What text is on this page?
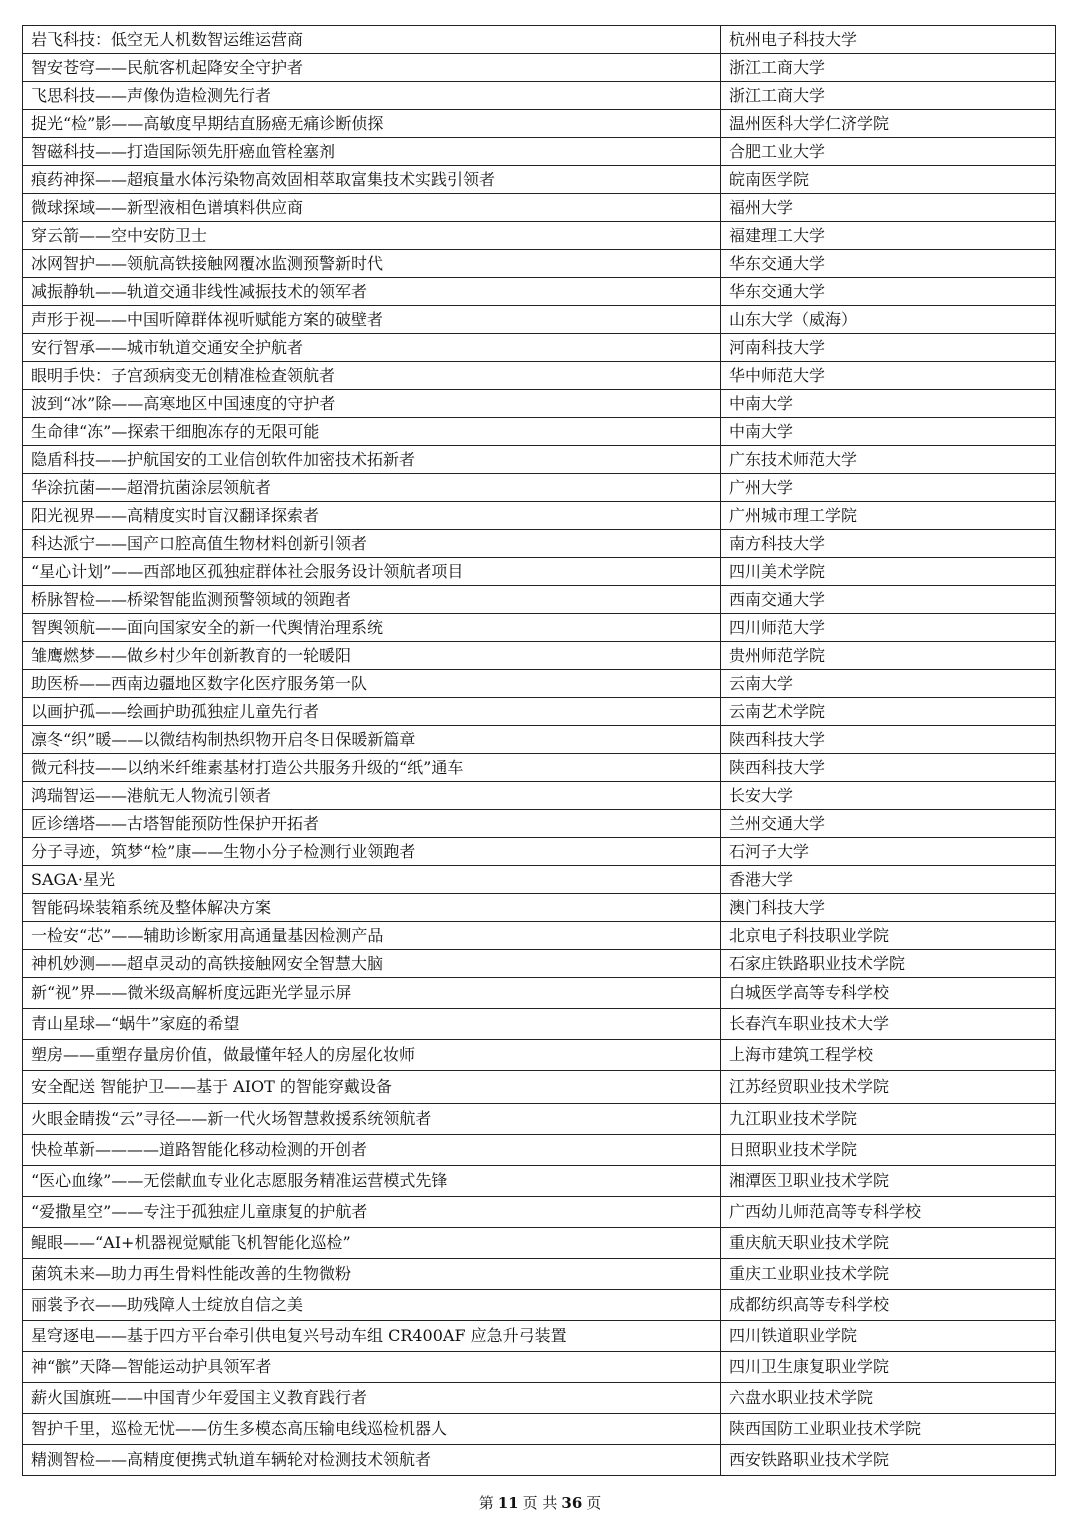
岩飞科技：低空无人机数智运维运营商	杭州电子科技大学
智安苍穹——民航客机起降安全守护者	浙江工商大学
飞思科技——声像伪造检测先行者	浙江工商大学
捉光“检”影——高敏度早期结直肠癌无痛诊断侦探	温州医科大学仁济学院
智磁科技——打造国际领先肝癌血管栓塞剂	合肥工业大学
痕药神探——超痕量水体污染物高效固相萃取富集技术实践引领者	皖南医学院
微球探域——新型液相色谱填料供应商	福州大学
穿云箭——空中安防卫士	福建理工大学
冰网智护——领航高铁接触网覆冰监测预警新时代	华东交通大学
减振静轨——轨道交通非线性减振技术的领军者	华东交通大学
声形于视——中国听障群体视听赋能方案的破壁者	山东大学（威海）
安行智承——城市轨道交通安全护航者	河南科技大学
眼明手快：子宫颈病变无创精准检查领航者	华中师范大学
波到“冰”除——高寒地区中国速度的守护者	中南大学
生命律“冻”—探索干细胞冻存的无限可能	中南大学
隐盾科技——护航国安的工业信创软件加密技术拓新者	广东技术师范大学
华涂抗菌——超滑抗菌涂层领航者	广州大学
阳光视界——高精度实时盲汉翻译探索者	广州城市理工学院
科达派宁——国产口腔高值生物材料创新引领者	南方科技大学
“星心计划”——西部地区孤独症群体社会服务设计领航者项目	四川美术学院
桥脉智检——桥梁智能监测预警领域的领跑者	西南交通大学
智舆领航——面向国家安全的新一代舆情治理系统	四川师范大学
雏鹰燃梦——做乡村少年创新教育的一轮暖阳	贵州师范学院
助医桥——西南边疆地区数字化医疗服务第一队	云南大学
以画护孤——绘画护助孤独症儿童先行者	云南艺术学院
凛冬“织”暖——以微结构制热织物开启冬日保暖新篇章	陕西科技大学
微元科技——以纳米纤维素基材打造公共服务升级的“纸”通车	陕西科技大学
鸿瑞智运——港航无人物流引领者	长安大学
匠诊缮塔——古塔智能预防性保护开拓者	兰州交通大学
分子寻迹，筑梦“检”康——生物小分子检测行业领跑者	石河子大学
SAGA·星光	香港大学
智能码垛装箱系统及整体解决方案	澳门科技大学
一检安“芯”——辅助诊断家用高通量基因检测产品	北京电子科技职业学院
神机妙测——超卓灵动的高铁接触网安全智慧大脑	石家庄铁路职业技术学院
新“视”界——微米级高解析度远距光学显示屏	白城医学高等专科学校
青山星球—“蜗牛”家庭的希望	长春汽车职业技术大学
塑房——重塑存量房价值，做最懂年轻人的房屋化妆师	上海市建筑工程学校
安全配送 智能护卫——基于 AIOT 的智能穿戴设备	江苏经贸职业技术学院
火眼金睛拨“云”寻径——新一代火场智慧救援系统领航者	九江职业技术学院
快检革新————道路智能化移动检测的开创者	日照职业技术学院
“医心血缘”——无偿献血专业化志愿服务精准运营模式先锋	湘潭医卫职业技术学院
“爱撒星空”——专注于孤独症儿童康复的护航者	广西幼儿师范高等专科学校
鲲眼——“AI+机器视觉赋能飞机智能化巡检”	重庆航天职业技术学院
菌筑未来—助力再生骨料性能改善的生物微粉	重庆工业职业技术学院
丽裳予衣——助残障人士绽放自信之美	成都纺织高等专科学校
星穹逐电——基于四方平台牵引供电复兴号动车组 CR400AF 应急升弓装置	四川铁道职业学院
神“髌”天降—智能运动护具领军者	四川卫生康复职业学院
薪火国旗班——中国青少年爱国主义教育践行者	六盘水职业技术学院
智护千里，巡检无忧——仿生多模态高压输电线巡检机器人	陕西国防工业职业技术学院
精测智检——高精度便携式轨道车辆轮对检测技术领航者	西安铁路职业技术学院
第 11 页 共 36 页
